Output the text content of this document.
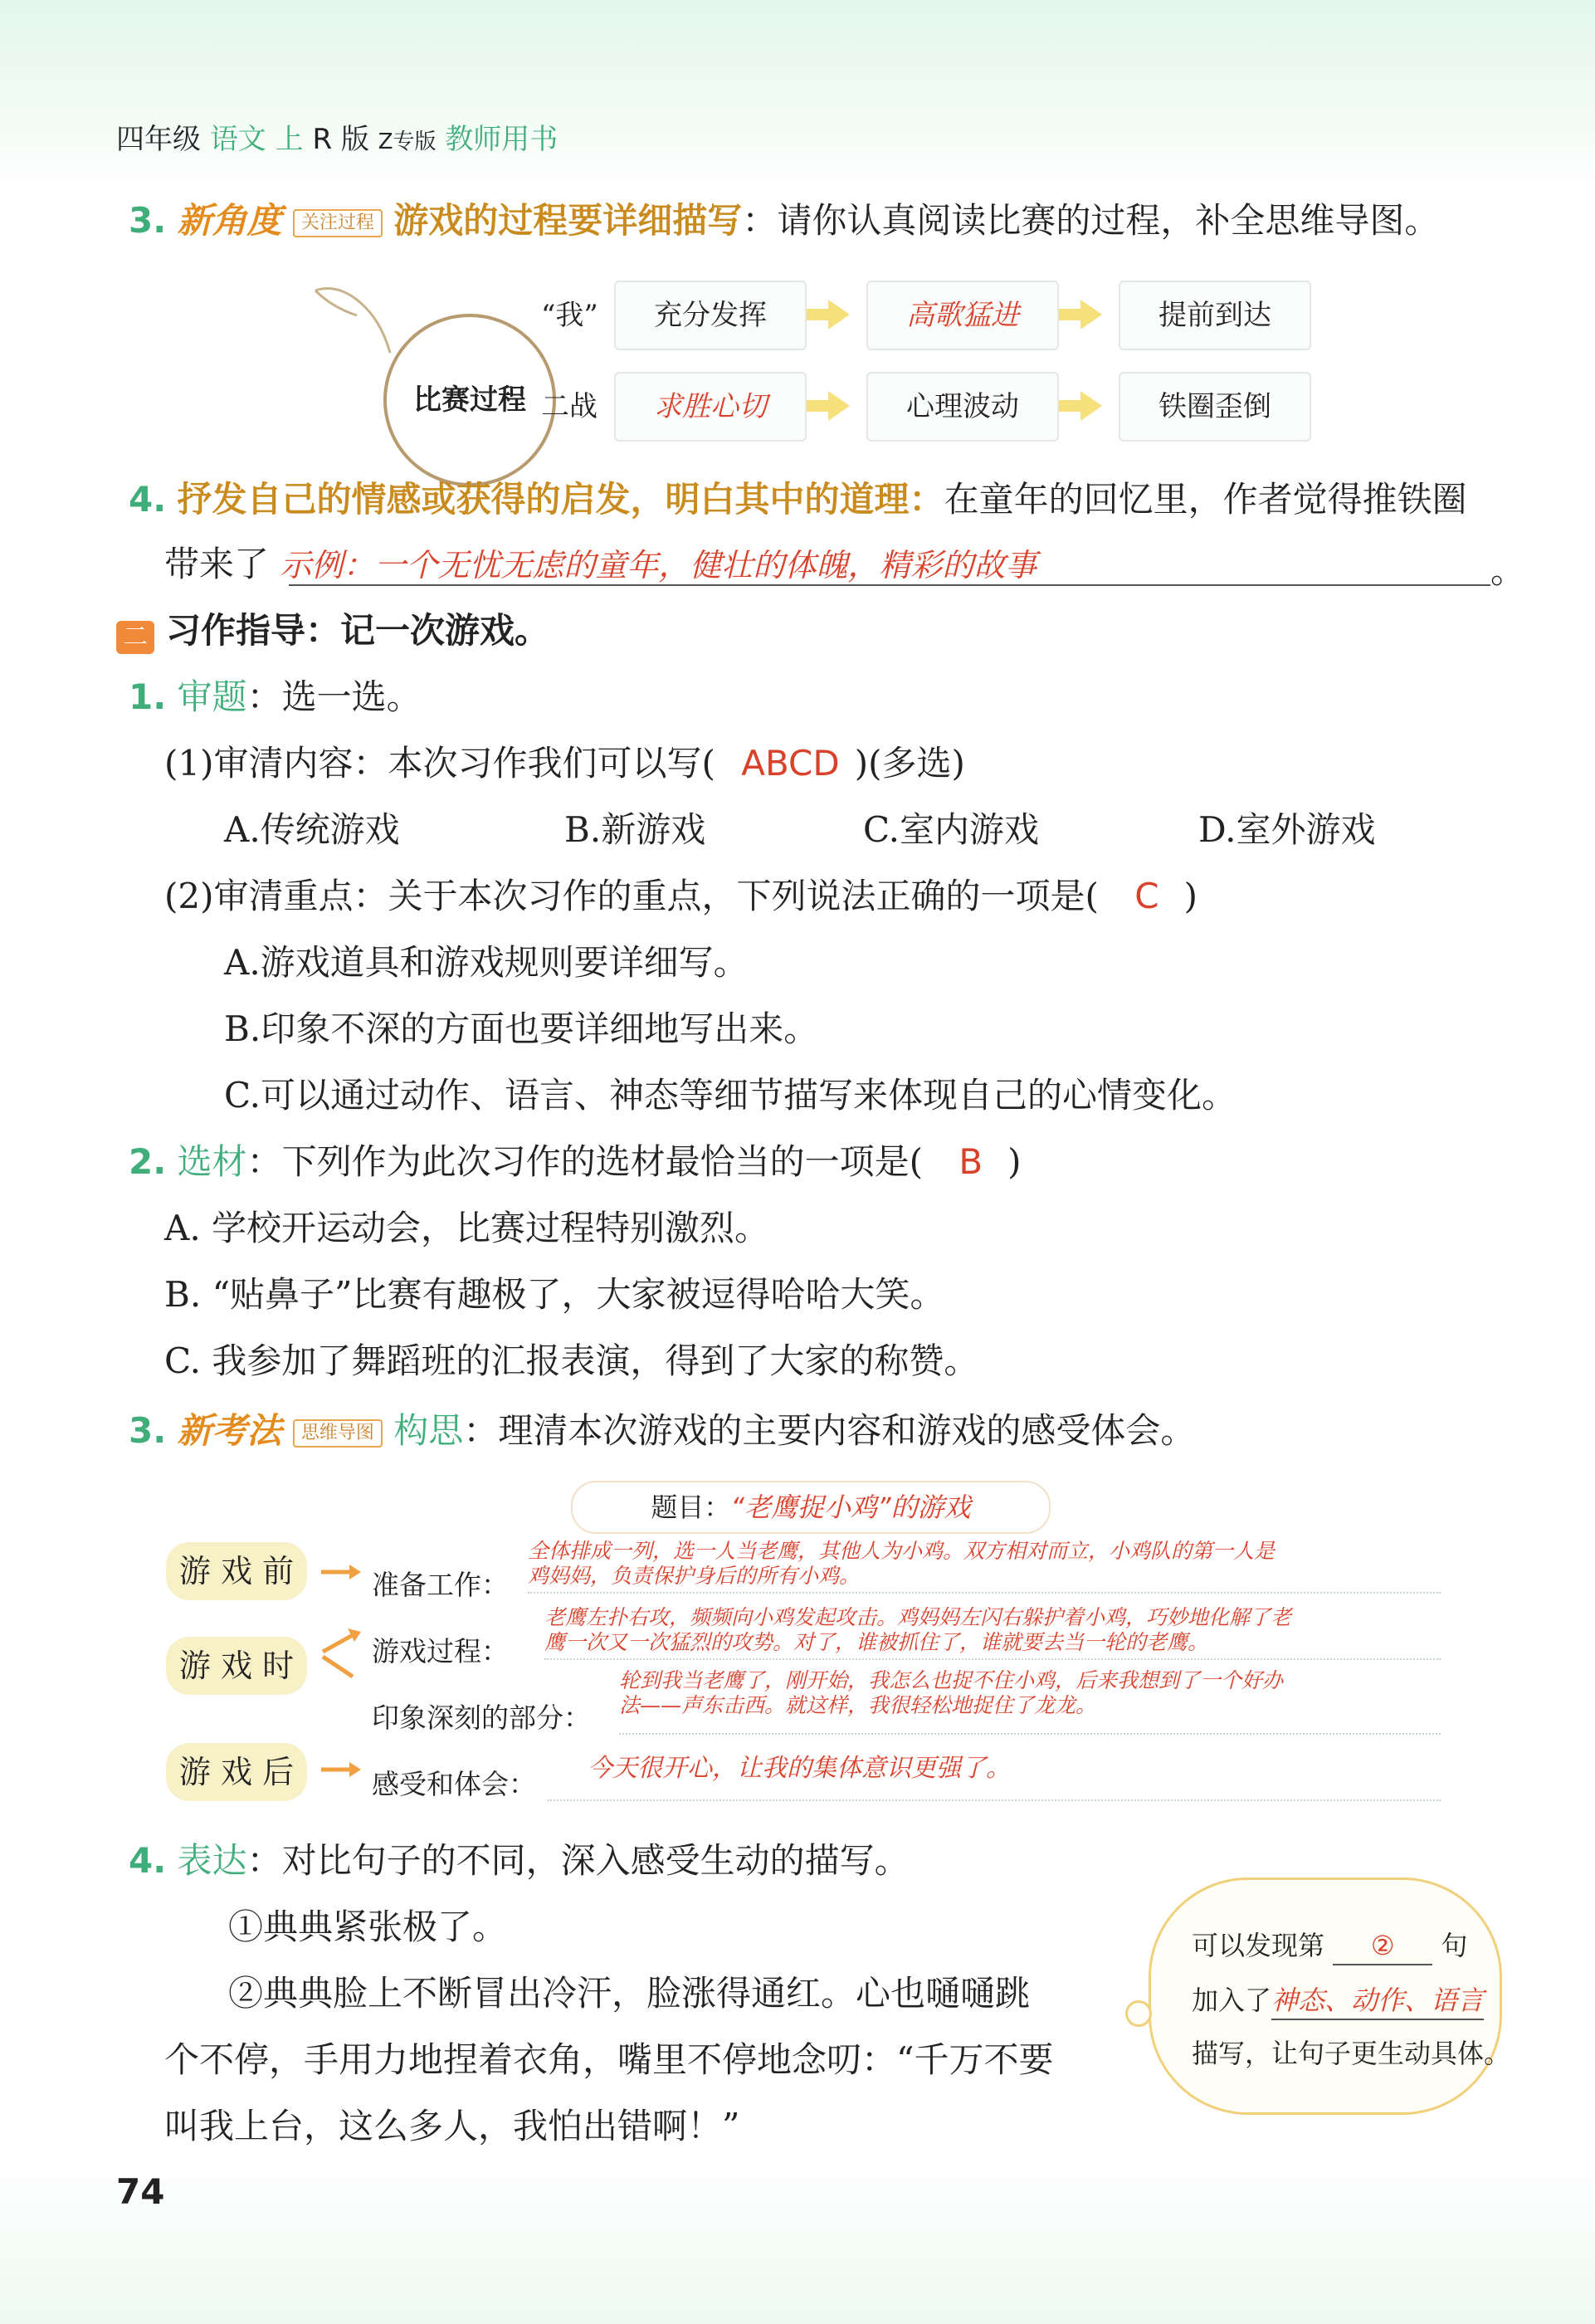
四年级 语文 上 R 版 Z专版 教师用书
3. 新角度 关注过程 游戏的过程要详细描写：请你认真阅读比赛的过程，补全思维导图。
比赛过程
“我”
二战
充分发挥	高歌猛进	提前到达
求胜心切	心理波动	铁圈歪倒
4. 抒发自己的情感或获得的启发，明白其中的道理：在童年的回忆里，作者觉得推铁圈
带来了 示例：一个无忧无虑的童年，健壮的体魄，精彩的故事	。
二 习作指导：记一次游戏。
1. 审题：选一选。
(1)审清内容：本次习作我们可以写( ABCD )(多选)
A.传统游戏	B.新游戏	C.室内游戏	D.室外游戏
(2)审清重点：关于本次习作的重点，下列说法正确的一项是( C )
A.游戏道具和游戏规则要详细写。
B.印象不深的方面也要详细地写出来。
C.可以通过动作、语言、神态等细节描写来体现自己的心情变化。
2. 选材：下列作为此次习作的选材最恰当的一项是( B )
A. 学校开运动会，比赛过程特别激烈。
B. “贴鼻子”比赛有趣极了，大家被逗得哈哈大笑。
C. 我参加了舞蹈班的汇报表演，得到了大家的称赞。
3. 新考法 思维导图 构思：理清本次游戏的主要内容和游戏的感受体会。
题目：“老鹰捉小鸡”的游戏
游 戏 前
游 戏 时
游 戏 后
准备工作：
全体排成一列，选一人当老鹰，其他人为小鸡。双方相对而立，小鸡队的第一人是
鸡妈妈，负责保护身后的所有小鸡。
游戏过程：
老鹰左扑右攻，频频向小鸡发起攻击。鸡妈妈左闪右躲护着小鸡，巧妙地化解了老
鹰一次又一次猛烈的攻势。对了，谁被抓住了，谁就要去当一轮的老鹰。
印象深刻的部分：
轮到我当老鹰了，刚开始，我怎么也捉不住小鸡，后来我想到了一个好办
法——声东击西。就这样，我很轻松地捉住了龙龙。
感受和体会： 今天很开心，让我的集体意识更强了。
4. 表达：对比句子的不同，深入感受生动的描写。
①典典紧张极了。
②典典脸上不断冒出冷汗，脸涨得通红。心也嗵嗵跳
个不停，手用力地捏着衣角，嘴里不停地念叨：“千万不要
叫我上台，这么多人，我怕出错啊！”
可以发现第 ② 句
加入了神态、动作、语言
描写，让句子更生动具体。
74
